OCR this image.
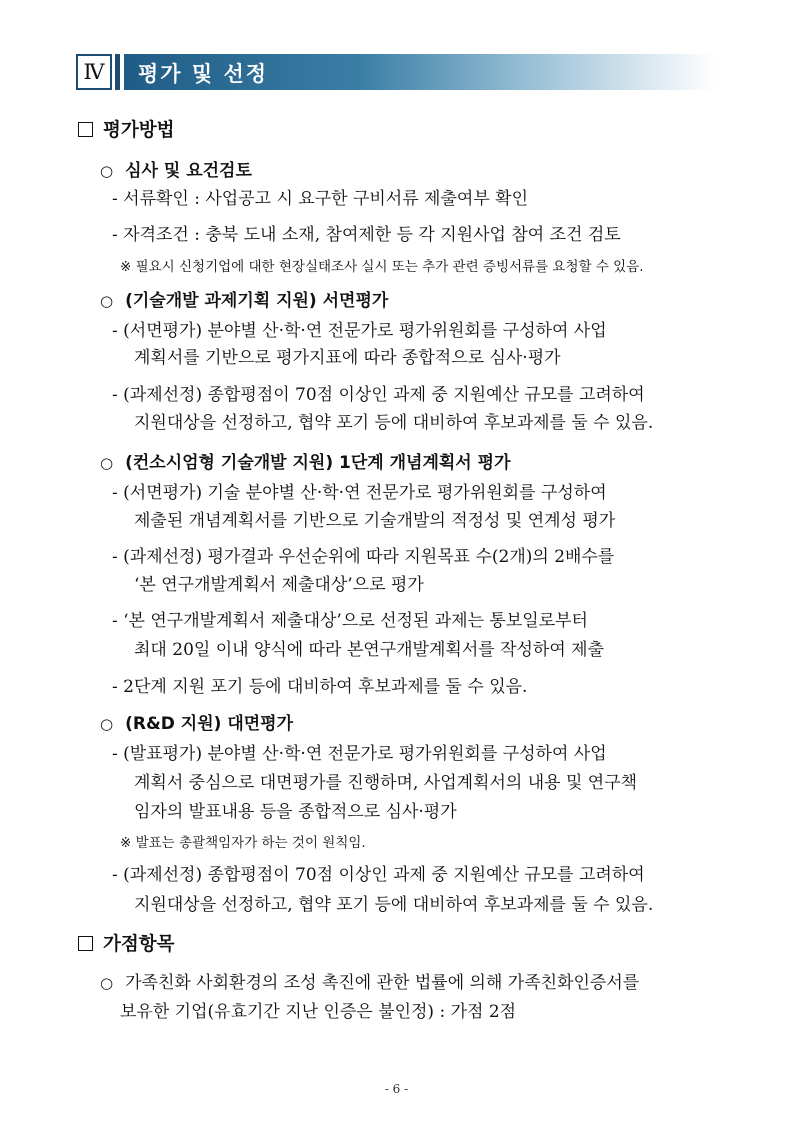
Ⅳ	평가 및 선정
평가방법
○ 심사 및 요건검토
- 서류확인 : 사업공고 시 요구한 구비서류 제출여부 확인
- 자격조건 : 충북 도내 소재, 참여제한 등 각 지원사업 참여 조건 검토
※ 필요시 신청기업에 대한 현장실태조사 실시 또는 추가 관련 증빙서류를 요청할 수 있음.
○ (기술개발 과제기획 지원) 서면평가
- (서면평가) 분야별 산·학·연 전문가로 평가위원회를 구성하여 사업
계획서를 기반으로 평가지표에 따라 종합적으로 심사·평가
- (과제선정) 종합평점이 70점 이상인 과제 중 지원예산 규모를 고려하여
지원대상을 선정하고, 협약 포기 등에 대비하여 후보과제를 둘 수 있음.
○ (컨소시엄형 기술개발 지원) 1단계 개념계획서 평가
- (서면평가) 기술 분야별 산·학·연 전문가로 평가위원회를 구성하여
제출된 개념계획서를 기반으로 기술개발의 적정성 및 연계성 평가
- (과제선정) 평가결과 우선순위에 따라 지원목표 수(2개)의 2배수를
‘본 연구개발계획서 제출대상’으로 평가
- ‘본 연구개발계획서 제출대상’으로 선정된 과제는 통보일로부터
최대 20일 이내 양식에 따라 본연구개발계획서를 작성하여 제출
- 2단계 지원 포기 등에 대비하여 후보과제를 둘 수 있음.
○ (R&D 지원) 대면평가
- (발표평가) 분야별 산·학·연 전문가로 평가위원회를 구성하여 사업
계획서 중심으로 대면평가를 진행하며, 사업계획서의 내용 및 연구책
임자의 발표내용 등을 종합적으로 심사·평가
※ 발표는 총괄책임자가 하는 것이 원칙임.
- (과제선정) 종합평점이 70점 이상인 과제 중 지원예산 규모를 고려하여
지원대상을 선정하고, 협약 포기 등에 대비하여 후보과제를 둘 수 있음.
가점항목
○ 가족친화 사회환경의 조성 촉진에 관한 법률에 의해 가족친화인증서를
보유한 기업(유효기간 지난 인증은 불인정) : 가점 2점
- 6 -
